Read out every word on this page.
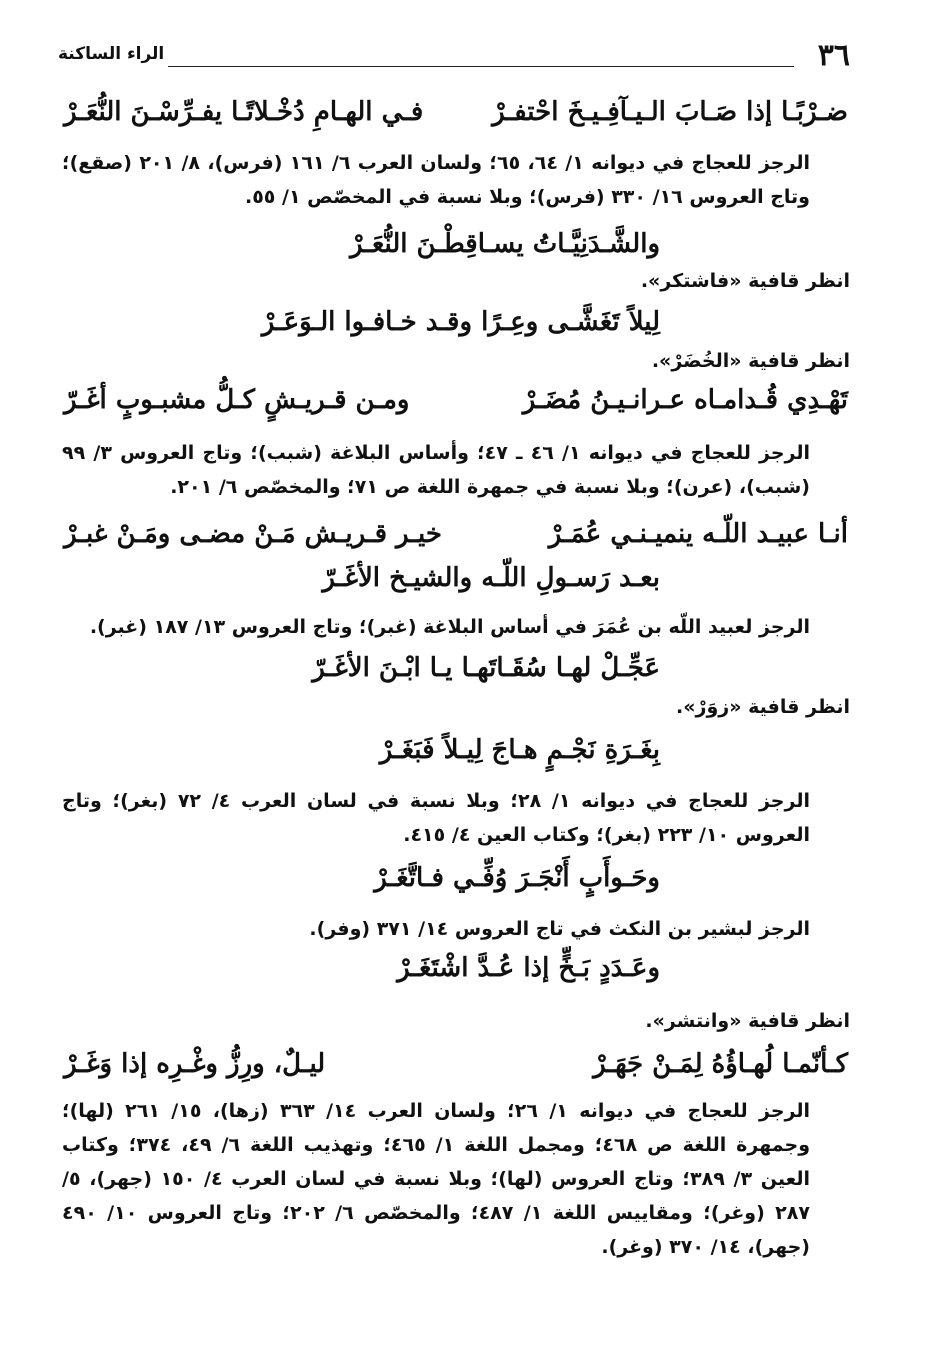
٣٦
الراء الساكنة
ضـرْبًـا إذا صَـابَ الـيـآفِـيـخَ احْتفـرْ
فـي الهـامِ دُخْـلاتًـا يفـرِّسْـنَ النُّعَـرْ
الرجز للعجاج في ديوانه ١/ ٦٤، ٦٥؛ ولسان العرب ٦/ ١٦١ (فرس)، ٨/ ٢٠١ (صقع)؛ وتاج العروس ١٦/ ٣٣٠ (فرس)؛ وبلا نسبة في المخصّص ١/ ٥٥.
والشَّـدَنِيَّـاتُ يسـاقِطْـنَ النُّعَـرْ
انظر قافية «فاشتكر».
لِيلاً تَغَشَّـى وعِـرًا وقـد خـافـوا الـوَعَـرْ
انظر قافية «الخُضَرْ».
تَهْـدِي قُـدامـاه عـرانـيـنُ مُضَـرْ
ومـن قـريـشٍ كـلُّ مشبـوبٍ أغَـرّ
الرجز للعجاج في ديوانه ١/ ٤٦ ـ ٤٧؛ وأساس البلاغة (شبب)؛ وتاج العروس ٣/ ٩٩ (شبب)، (عرن)؛ وبلا نسبة في جمهرة اللغة ص ٧١؛ والمخصّص ٦/ ٢٠١.
أنـا عبيـد اللّـه ينميـنـي عُمَـرْ
خيـر قـريـش مَـنْ مضـى ومَـنْ غبـرْ
بعـد رَسـولِ اللّـه والشيـخ الأغَـرّ
الرجز لعبيد اللّه بن عُمَرَ في أساس البلاغة (غبر)؛ وتاج العروس ١٣/ ١٨٧ (غبر).
عَجِّـلْ لهـا سُقَـاتَهـا يـا ابْـنَ الأغَـرّ
انظر قافية «زوَرْ».
بِغَـرَةِ نَجْـمٍ هـاجَ لِيـلاً فَبَغَـرْ
الرجز للعجاج في ديوانه ١/ ٢٨؛ وبلا نسبة في لسان العرب ٤/ ٧٢ (بغر)؛ وتاج العروس ١٠/ ٢٢٣ (بغر)؛ وكتاب العين ٤/ ٤١٥.
وحَـوأَبٍ أَنْجَـرَ وُفِّـي فـاتَّغَـرْ
الرجز لبشير بن النكث في تاج العروس ١٤/ ٣٧١ (وفر).
وعَـدَدٍ بَـخٍّ إذا عُـدَّ اشْتَغَـرْ
انظر قافية «وانتشر».
كـأنّمـا لُهـاؤُهُ لِمَـنْ جَهَـرْ
ليـلٌ، ورِزُّ وغْـرِه إذا وَغَـرْ
الرجز للعجاج في ديوانه ١/ ٢٦؛ ولسان العرب ١٤/ ٣٦٣ (زها)، ١٥/ ٢٦١ (لها)؛ وجمهرة اللغة ص ٤٦٨؛ ومجمل اللغة ١/ ٤٦٥؛ وتهذيب اللغة ٦/ ٤٩، ٣٧٤؛ وكتاب العين ٣/ ٣٨٩؛ وتاج العروس (لها)؛ وبلا نسبة في لسان العرب ٤/ ١٥٠ (جهر)، ٥/ ٢٨٧ (وغر)؛ ومقاييس اللغة ١/ ٤٨٧؛ والمخصّص ٦/ ٢٠٢؛ وتاج العروس ١٠/ ٤٩٠ (جهر)، ١٤/ ٣٧٠ (وغر).
